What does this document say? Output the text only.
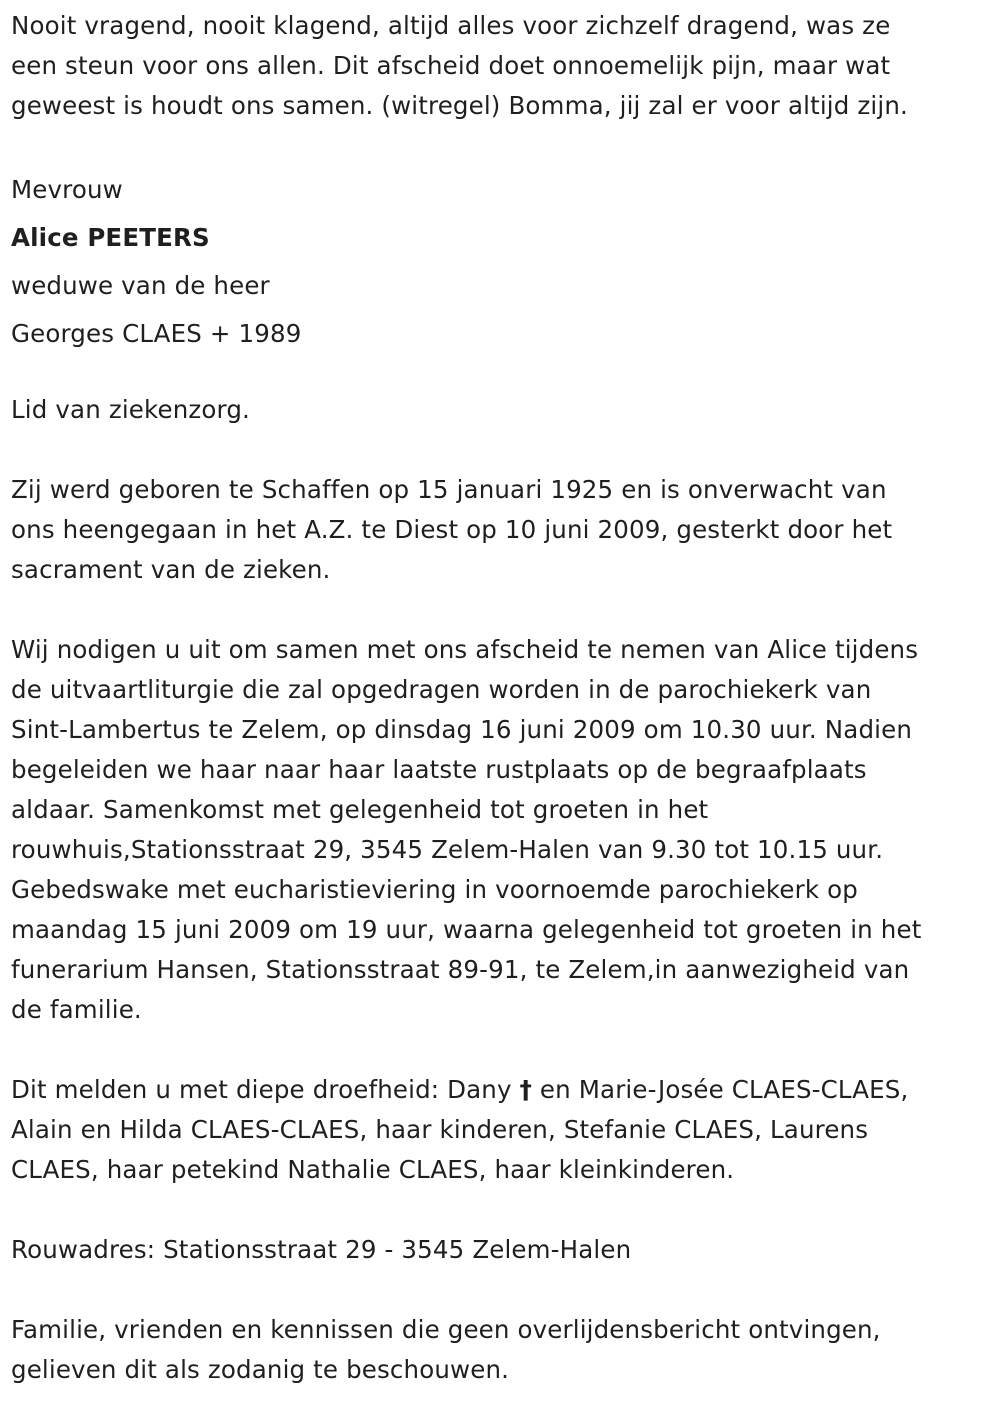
Nooit vragend, nooit klagend, altijd alles voor zichzelf dragend, was ze
een steun voor ons allen. Dit afscheid doet onnoemelijk pijn, maar wat
geweest is houdt ons samen. (witregel) Bomma, jij zal er voor altijd zijn.
Mevrouw
Alice PEETERS
weduwe van de heer
Georges CLAES + 1989
Lid van ziekenzorg.
Zij werd geboren te Schaffen op 15 januari 1925 en is onverwacht van
ons heengegaan in het A.Z. te Diest op 10 juni 2009, gesterkt door het
sacrament van de zieken.
Wij nodigen u uit om samen met ons afscheid te nemen van Alice tijdens
de uitvaartliturgie die zal opgedragen worden in de parochiekerk van
Sint-Lambertus te Zelem, op dinsdag 16 juni 2009 om 10.30 uur. Nadien
begeleiden we haar naar haar laatste rustplaats op de begraafplaats
aldaar. Samenkomst met gelegenheid tot groeten in het
rouwhuis,Stationsstraat 29, 3545 Zelem-Halen van 9.30 tot 10.15 uur.
Gebedswake met eucharistieviering in voornoemde parochiekerk op
maandag 15 juni 2009 om 19 uur, waarna gelegenheid tot groeten in het
funerarium Hansen, Stationsstraat 89-91, te Zelem,in aanwezigheid van
de familie.
Dit melden u met diepe droefheid: Dany † en Marie-Josée CLAES-CLAES,
Alain en Hilda CLAES-CLAES, haar kinderen, Stefanie CLAES, Laurens
CLAES, haar petekind Nathalie CLAES, haar kleinkinderen.
Rouwadres: Stationsstraat 29 - 3545 Zelem-Halen
Familie, vrienden en kennissen die geen overlijdensbericht ontvingen,
gelieven dit als zodanig te beschouwen.
